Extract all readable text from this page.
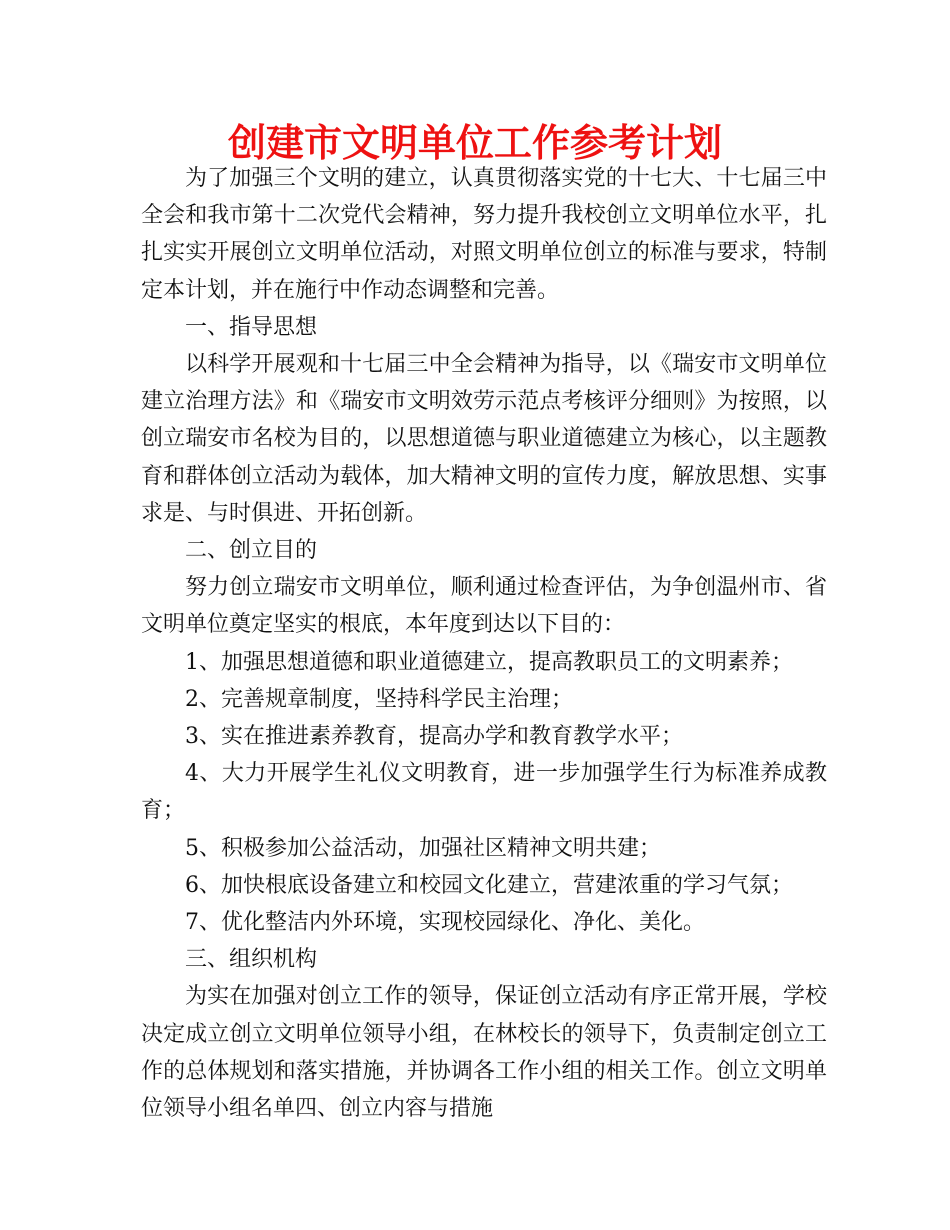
创建市文明单位工作参考计划

为了加强三个文明的建立，认真贯彻落实党的十七大、十七届三中全会和我市第十二次党代会精神，努力提升我校创立文明单位水平，扎扎实实开展创立文明单位活动，对照文明单位创立的标准与要求，特制定本计划，并在施行中作动态调整和完善。

一、指导思想

以科学开展观和十七届三中全会精神为指导，以《瑞安市文明单位建立治理方法》和《瑞安市文明效劳示范点考核评分细则》为按照，以创立瑞安市名校为目的，以思想道德与职业道德建立为核心，以主题教育和群体创立活动为载体，加大精神文明的宣传力度，解放思想、实事求是、与时俱进、开拓创新。

二、创立目的

努力创立瑞安市文明单位，顺利通过检查评估，为争创温州市、省文明单位奠定坚实的根底，本年度到达以下目的：

1、加强思想道德和职业道德建立，提高教职员工的文明素养；

2、完善规章制度，坚持科学民主治理；

3、实在推进素养教育，提高办学和教育教学水平；

4、大力开展学生礼仪文明教育，进一步加强学生行为标准养成教育；

5、积极参加公益活动，加强社区精神文明共建；

6、加快根底设备建立和校园文化建立，营建浓重的学习气氛；

7、优化整洁内外环境，实现校园绿化、净化、美化。

三、组织机构

为实在加强对创立工作的领导，保证创立活动有序正常开展，学校决定成立创立文明单位领导小组，在林校长的领导下，负责制定创立工作的总体规划和落实措施，并协调各工作小组的相关工作。创立文明单位领导小组名单四、创立内容与措施
